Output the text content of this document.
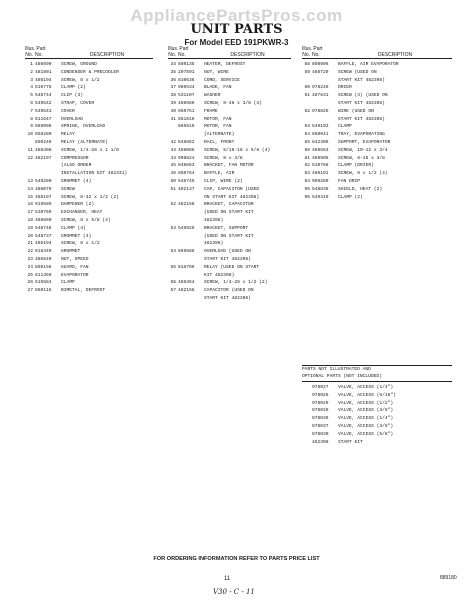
AppliancePartsPros.com
UNIT PARTS
For Model EED 191PKWR-3
Illus. Part
No. No.	DESCRIPTION
1 486690	SCREW, GROUND
2 481801	CONDENSER & PRECOOLER
3 486194	SCREW, 8 x 1/2
4 510775	CLAMP (2)
5 548744	CLIP (3)
6 549542	STRAP, COVER
7 549543	COVER
8 811647	OVERLOAD
9 569096	SPRING, OVERLOAD
10 858280	RELAY
650248	RELAY (ALTERNATE)
11 488406	SCREW, 1/4-28 x 1 1/8
12 482197	COMPRESSOR
(ALSO ORDER
INSTALLATION KIT 482331)
13 549280	GROMMET (4)
14 488079	SCREW
15 488197	SCREW, 8-32 x 1/2 (2)
16 919589	DAMPENER (2)
17 510769	EXCHANGER, HEAT
18 488680	SCREW, 8 x 5/8 (4)
19 548748	CLAMP (4)
20 548737	GROMMET (4)
21 486194	SCREW, 8 x 1/2
22 818449	GROMMET
23 486640	NUT, SPEED
24 850156	GUARD, FAN
25 811459	EVAPORATOR
26 515584	CLAMP
27 850115	BIMETAL, DEFROST
Illus. Part
No. No.	DESCRIPTION
34 850135	HEATER, DEFROST
35 207591	NUT, WIRE
36 810636	CORD, SERVICE
37 989534	BLADE, FAN
38 531107	WASHER
39 488666	SCREW, 8-36 x 3/8 (3)
40 850751	FRAME
41 851616	MOTOR, FAN
865619	MOTOR, FAN
(ALTERNATE)
42 848662	RAIL, FRONT
43 488085	SCREW, 5/16-18 x 5/8 (4)
44 998824	SCREW, 8 x 3/8
45 848663	BRACKET, FAN MOTOR
46 850764	BAFFLE, AIR
50 548745	CLIP, WIRE (2)
51 482137	CAP, CAPACITOR (USED
ON START KIT 482398)
52 482158	BRACKET, CAPACITOR
(USED ON START KIT
482398)
53 549929	BRACKET, SUPPORT
(USED ON START KIT
482398)
54 869588	OVERLOAD (USED ON
START KIT 482398)
55 818799	RELAY (USED ON START
KIT 482398)
56 488454	SCREW, 1/4-28 x 1/2 (2)
57 482156	CAPACITOR (USED ON
START KIT 482398)
Illus. Part
No. No.	DESCRIPTION
58 850996	BAFFLE, AIR EVAPORATOR
59 488729	SCREW (USED ON
START KIT 482398)
60 978246	DRIER
61 487631	SCREW (3) (USED ON
START KIT 482398)
62 978825	WIRE (USED ON
START KIT 482398)
63 549103	CLAMP
64 850041	TRAY, EVAPORATING
65 842406	SUPPORT, EVAPORATOR
66 488563	SCREW, 10-12 x 3/4
81 488905	SCREW, 8-15 x 3/8
82 510768	CLAMP (DRIER)
83 486191	SCREW, 8 x 1/2 (4)
84 989289	FAN DRIP
95 548838	SHIELD, HEAT (2)
96 549419	CLAMP (2)
PARTS NOT ILLUSTRATED AND
OPTIONAL PARTS (NOT INCLUDED)
978027	VALVE, ACCESS (1/4")
978026	VALVE, ACCESS (5/16")
978029	VALVE, ACCESS (1/2")
978028	VALVE, ACCESS (3/8")
978036	VALVE, ACCESS (1/4")
978037	VALVE, ACCESS (3/8")
978030	VALVE, ACCESS (5/8")
482398	START KIT
FOR ORDERING INFORMATION REFER TO PARTS PRICE LIST
11	889180
V30 - C - 11
